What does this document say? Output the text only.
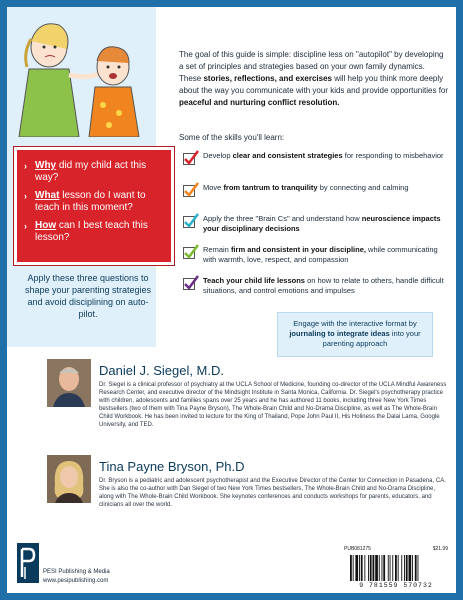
› Why did my child act this way?
› What lesson do I want to teach in this moment?
› How can I best teach this lesson?
Apply these three questions to shape your parenting strategies and avoid disciplining on auto-pilot.
The goal of this guide is simple: discipline less on "autopilot" by developing a set of principles and strategies based on your own family dynamics. These stories, reflections, and exercises will help you think more deeply about the way you communicate with your kids and provide opportunities for peaceful and nurturing conflict resolution.
Some of the skills you'll learn:
Develop clear and consistent strategies for responding to misbehavior
Move from tantrum to tranquility by connecting and calming
Apply the three "Brain Cs" and understand how neuroscience impacts your disciplinary decisions
Remain firm and consistent in your discipline, while communicating with warmth, love, respect, and compassion
Teach your child life lessons on how to relate to others, handle difficult situations, and control emotions and impulses
Engage with the interactive format by journaling to integrate ideas into your parenting approach
Daniel J. Siegel, M.D.
Dr. Siegel is a clinical professor of psychiatry at the UCLA School of Medicine, founding co-director of the UCLA Mindful Awareness Research Center, and executive director of the Mindsight Institute in Santa Monica, California. Dr. Siegel's psychotherapy practice with children, adolescents and families spans over 25 years and he has authored 11 books, including three New York Times bestsellers (two of them with Tina Payne Bryson), The Whole-Brain Child and No-Drama Discipline, as well as The Whole-Brain Child Workbook. He has been invited to lecture for the King of Thailand, Pope John Paul II, His Holiness the Dalai Lama, Google University, and TED.
Tina Payne Bryson, Ph.D
Dr. Bryson is a pediatric and adolescent psychotherapist and the Executive Director of the Center for Connection in Pasadena, CA. She is also the co-author with Dan Siegel of two New York Times bestsellers, The Whole-Brain Child and No-Drama Discipline, along with The Whole-Brain Child Workbook. She keynotes conferences and conducts workshops for parents, educators, and clinicians all over the world.
PESI Publishing & Media
www.pesipublishing.com
PUB081275	$21.99
9 781559 570732
